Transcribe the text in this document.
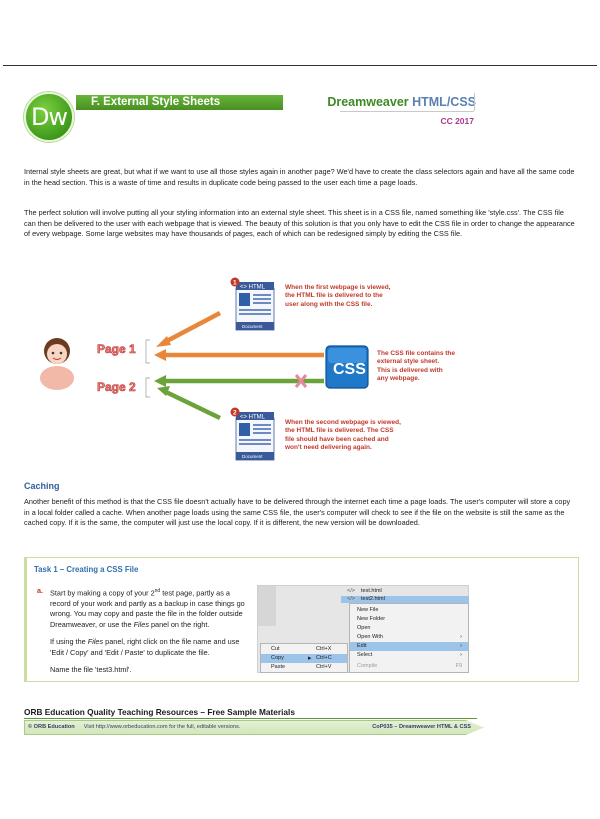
Dw
F. External Style Sheets	Dreamweaver HTML/CSS
CC 2017

Internal style sheets are great, but what if we want to use all those styles again in another page? We'd have to create the class selectors again and have all the same code in the head section. This is a waste of time and results in duplicate code being passed to the user each time a page loads.

The perfect solution will involve putting all your styling information into an external style sheet. This sheet is in a CSS file, named something like 'style.css'. The CSS file can then be delivered to the user with each webpage that is viewed. The beauty of this solution is that you only have to edit the CSS file in order to change the appearance of every webpage. Some large websites may have thousands of pages, each of which can be redesigned simply by editing the CSS file.

Page 1
Page 2
<> HTML
Document
1
<> HTML
Document
2
CSS
When the first webpage is viewed,
the HTML file is delivered to the
user along with the CSS file.
The CSS file contains the
external style sheet.
This is delivered with
any webpage.
When the second webpage is viewed,
the HTML file is delivered. The CSS
file should have been cached and
won't need delivering again.
Caching

Another benefit of this method is that the CSS file doesn't actually have to be delivered through the internet each time a page loads. The user's computer will store a copy in a local folder called a cache. When another page loads using the same CSS file, the user's computer will check to see if the file on the website is still the same as the cached copy. If it is the same, the computer will just use the local copy. If it is different, the new version will be downloaded.

Task 1 – Creating a CSS File
a. Start by making a copy of your 2nd test page, partly as a record of your work and partly as a backup in case things go wrong. You may copy and paste the file in the folder outside Dreamweaver, or use the Files panel on the right.

If using the Files panel, right click on the file name and use 'Edit / Copy' and 'Edit / Paste' to duplicate the file.

Name the file 'test3.html'.

</> test.html
</> test2.html
New File
New Folder
Open
Open With	›
Edit	›
Select	›
Compile	F9
Cut	Ctrl+X
Copy	▸ Ctrl+C
Paste	Ctrl+V
ORB Education Quality Teaching Resources – Free Sample Materials
© ORB Education Visit http://www.orbeducation.com for the full, editable versions.	CoP035 – Dreamweaver HTML & CSS
